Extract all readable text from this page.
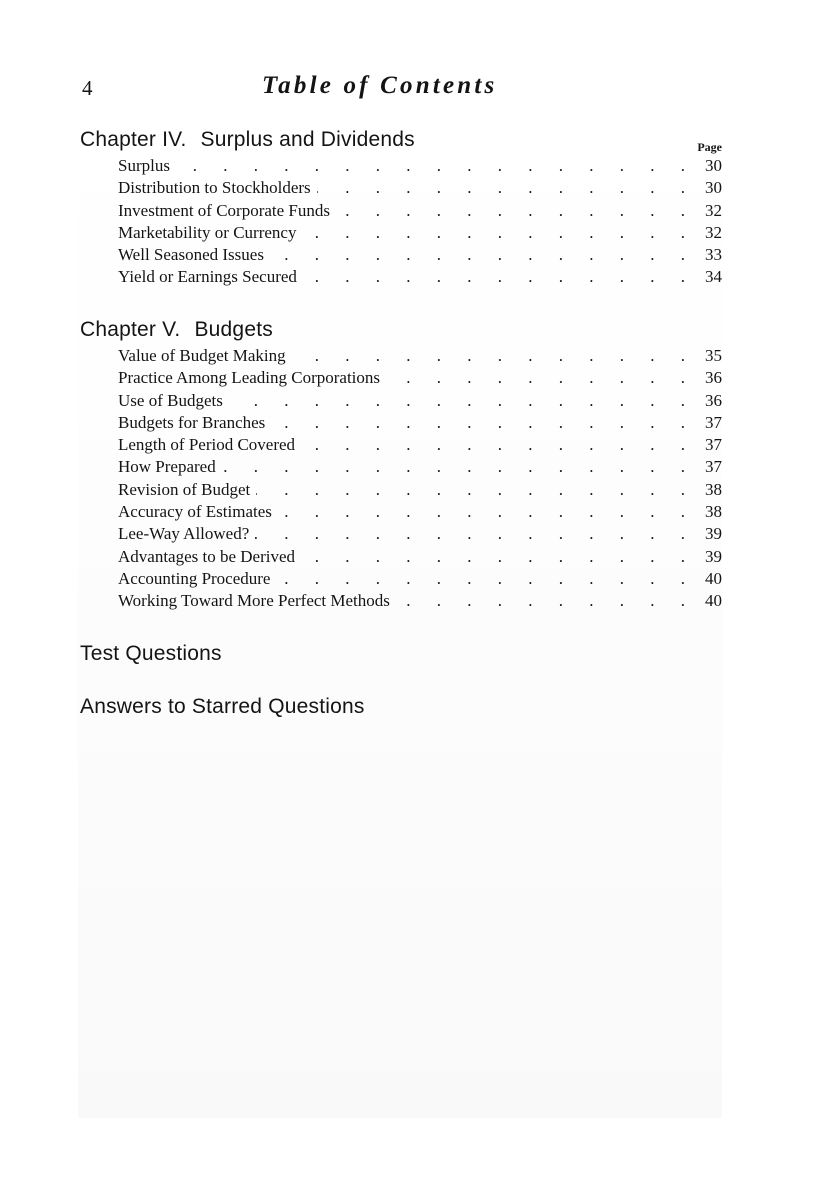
4	Table of Contents
Page
Chapter IV. Surplus and Dividends
Surplus . . .	30
Distribution to Stockholders . . .	30
Investment of Corporate Funds . . .	32
Marketability or Currency . . .	32
Well Seasoned Issues . . .	33
Yield or Earnings Secured . . .	34
Chapter V. Budgets
Value of Budget Making . . .	35
Practice Among Leading Corporations . . .	36
Use of Budgets . . .	36
Budgets for Branches . . .	37
Length of Period Covered . . .	37
How Prepared . . .	37
Revision of Budget . . .	38
Accuracy of Estimates . . .	38
Lee-Way Allowed? . . .	39
Advantages to be Derived . . .	39
Accounting Procedure . . .	40
Working Toward More Perfect Methods . . .	40
Test Questions
Answers to Starred Questions
